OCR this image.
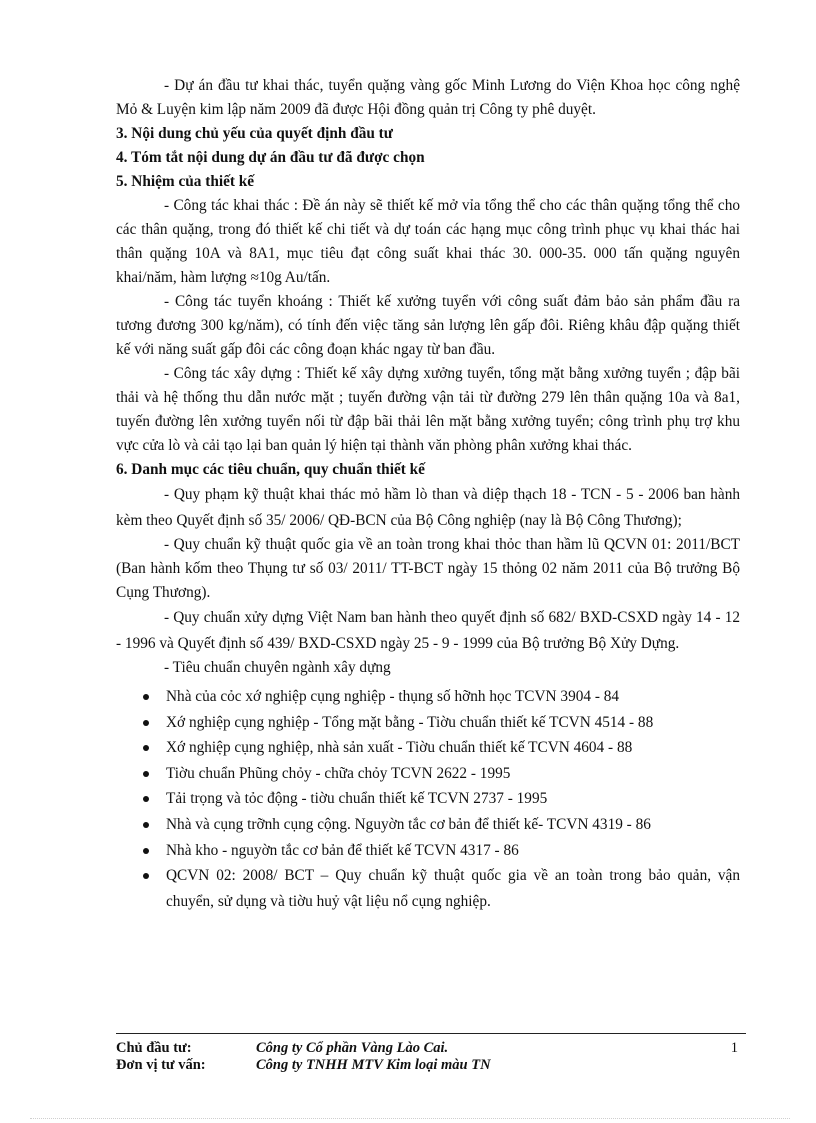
- Dự án đầu tư khai thác, tuyển quặng vàng gốc Minh Lương do Viện Khoa học công nghệ Mỏ & Luyện kim lập năm 2009 đã được Hội đồng quản trị Công ty phê duyệt.

3. Nội dung chủ yếu của quyết định đầu tư

4. Tóm tắt nội dung dự án đầu tư đã được chọn

5. Nhiệm của thiết kế

- Công tác khai thác : Đề án này sẽ thiết kế mở vỉa tổng thể cho các thân quặng tổng thể cho các thân quặng, trong đó thiết kế chi tiết và dự toán các hạng mục công trình phục vụ khai thác hai thân quặng 10A và 8A1, mục tiêu đạt công suất khai thác 30. 000-35. 000 tấn quặng nguyên khai/năm, hàm lượng ≈10g Au/tấn.

- Công tác tuyển khoáng : Thiết kế xưởng tuyển với công suất đảm bảo sản phẩm đầu ra tương đương 300 kg/năm), có tính đến việc tăng sản lượng lên gấp đôi. Riêng khâu đập quặng thiết kế với năng suất gấp đôi các công đoạn khác ngay từ ban đầu.

- Công tác xây dựng : Thiết kế xây dựng xưởng tuyển, tổng mặt bằng xưởng tuyển ; đập bãi thải và hệ thống thu dẫn nước mặt ; tuyến đường vận tải từ đường 279 lên thân quặng 10a và 8a1, tuyến đường lên xưởng tuyển nối từ đập bãi thải lên mặt bằng xưởng tuyển; công trình phụ trợ khu vực cửa lò và cải tạo lại ban quản lý hiện tại thành văn phòng phân xưởng khai thác.

6. Danh mục các tiêu chuẩn, quy chuẩn thiết kế

- Quy phạm kỹ thuật khai thác mỏ hầm lò than và diệp thạch 18 - TCN - 5 - 2006 ban hành kèm theo Quyết định số 35/ 2006/ QĐ-BCN của Bộ Công nghiệp (nay là Bộ Công Thương);

- Quy chuẩn kỹ thuật quốc gia về an toàn trong khai thỏc than hầm lũ QCVN 01: 2011/BCT (Ban hành kốm theo Thụng tư số 03/ 2011/ TT-BCT ngày 15 thỏng 02 năm 2011 của Bộ trưởng Bộ Cụng Thương).

- Quy chuẩn xửy dựng Việt Nam ban hành theo quyết định số 682/ BXD-CSXD ngày 14 - 12 - 1996 và Quyết định số 439/ BXD-CSXD ngày 25 - 9 - 1999 của Bộ trưởng Bộ Xửy Dựng.

- Tiêu chuẩn chuyên ngành xây dựng

Nhà của cỏc xớ nghiệp cụng nghiệp - thụng số hỡnh học TCVN 3904 - 84
Xớ nghiệp cụng nghiệp - Tổng mặt bằng - Tiờu chuẩn thiết kế TCVN 4514 - 88
Xớ nghiệp cụng nghiệp, nhà sản xuất - Tiờu chuẩn thiết kế TCVN 4604 - 88
Tiờu chuẩn Phũng chỏy - chữa chỏy TCVN 2622 - 1995
Tải trọng và tỏc động - tiờu chuẩn thiết kế TCVN 2737 - 1995
Nhà và cụng trỡnh cụng cộng. Nguyờn tắc cơ bản để thiết kế- TCVN 4319 - 86
Nhà kho - nguyờn tắc cơ bản để thiết kế TCVN 4317 - 86
QCVN 02: 2008/ BCT – Quy chuẩn kỹ thuật quốc gia về an toàn trong bảo quản, vận chuyển, sử dụng và tiờu huỷ vật liệu nổ cụng nghiệp.
Chủ đầu tư:	Công ty Cổ phần Vàng Lào Cai.	1
Đơn vị tư vấn:	Công ty TNHH MTV Kim loại màu TN
